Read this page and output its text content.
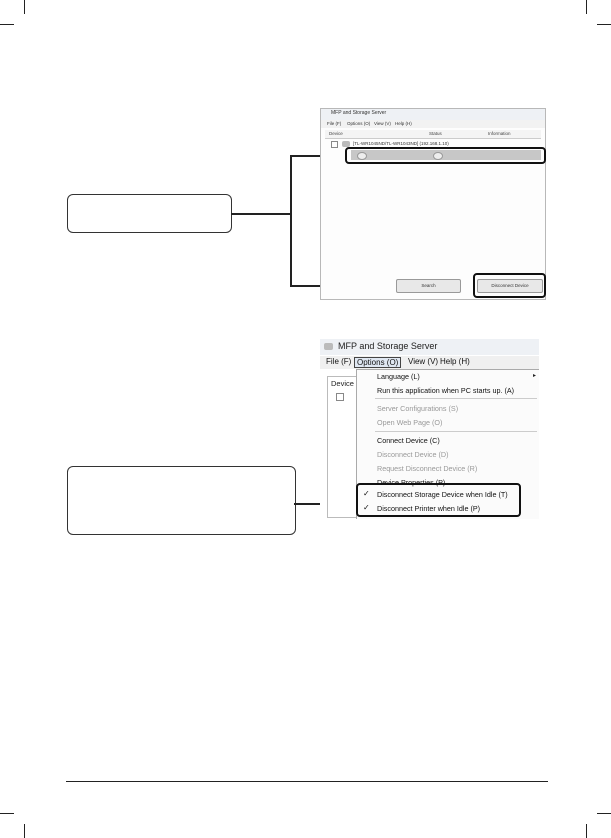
MFP and Storage Server
File (F) Options (O) View (V) Help (H)
Device	Status	Information
[TL-WR1045ND/TL-WR1043ND] (192.168.1.10)
Search	Disconnect Device
MFP and Storage Server
File (F) Options (O)	View (V) Help (H)
Device
Language (L)	▸
Run this application when PC starts up. (A)
Server Configurations (S)
Open Web Page (O)
Connect Device (C)
Disconnect Device (D)
Request Disconnect Device (R)
Device Properties (P)
✓ Disconnect Storage Device when Idle (T)
✓ Disconnect Printer when Idle (P)
